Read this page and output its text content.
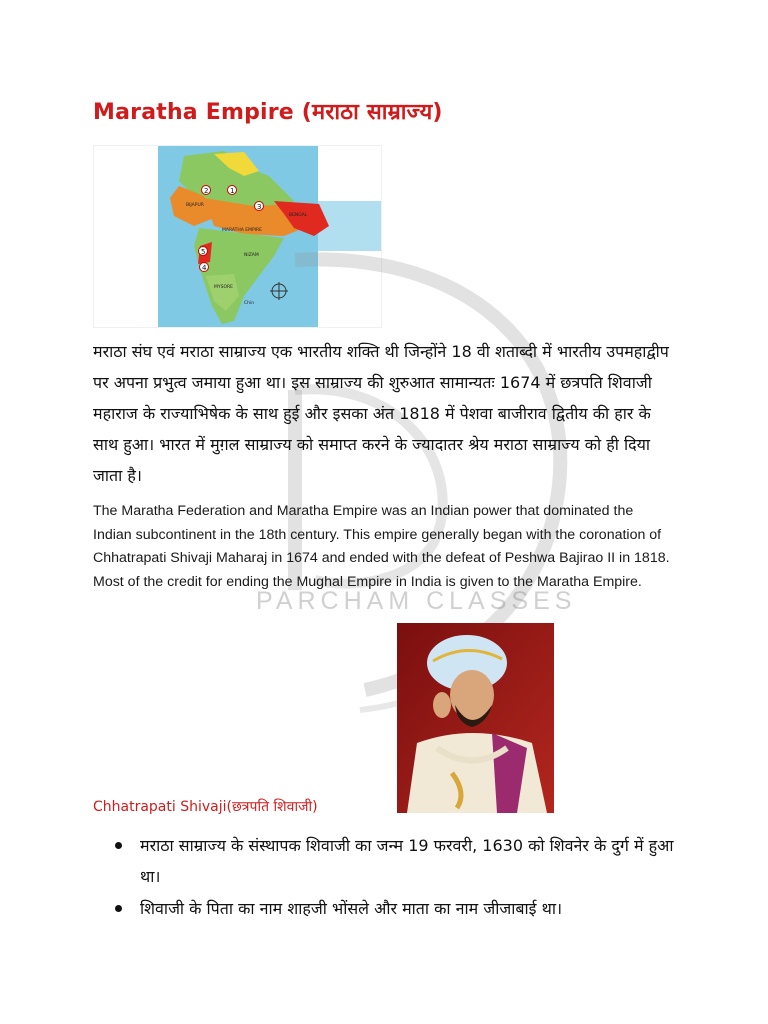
Maratha Empire (मराठा साम्राज्य)
2	1
3
5
4
BIJAPUR
MARATHA EMPIRE
BENGAL
NIZAM
MYSORE
Chin
PARCHAM CLASSES

मराठा संघ एवं मराठा साम्राज्य एक भारतीय शक्ति थी जिन्होंने 18 वी शताब्दी में भारतीय उपमहाद्वीप पर अपना प्रभुत्व जमाया हुआ था। इस साम्राज्य की शुरुआत सामान्यतः 1674 में छत्रपति शिवाजी महाराज के राज्याभिषेक के साथ हुई और इसका अंत 1818 में पेशवा बाजीराव द्वितीय की हार के साथ हुआ। भारत में मुग़ल साम्राज्य को समाप्त करने के ज्यादातर श्रेय मराठा साम्राज्य को ही दिया जाता है।

The Maratha Federation and Maratha Empire was an Indian power that dominated the Indian subcontinent in the 18th century. This empire generally began with the coronation of Chhatrapati Shivaji Maharaj in 1674 and ended with the defeat of Peshwa Bajirao II in 1818. Most of the credit for ending the Mughal Empire in India is given to the Maratha Empire.

Chhatrapati Shivaji(छत्रपति शिवाजी)
मराठा साम्राज्य के संस्थापक शिवाजी का जन्म 19 फरवरी, 1630 को शिवनेर के दुर्ग में हुआ था।
शिवाजी के पिता का नाम शाहजी भोंसले और माता का नाम जीजाबाई था।
